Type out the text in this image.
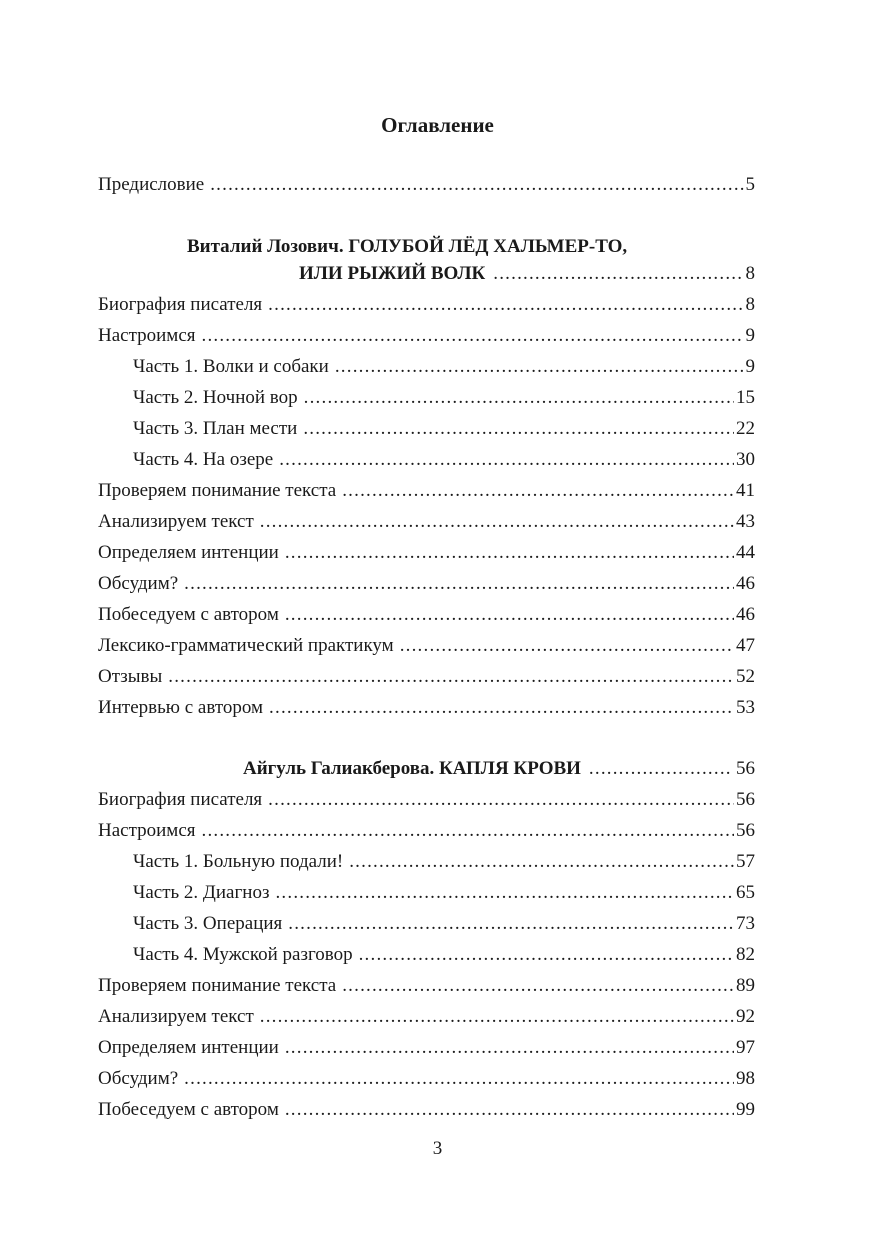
Оглавление
Предисловие .....	5
Виталий Лозович. ГОЛУБОЙ ЛЁД ХАЛЬМЕР-ТО,
ИЛИ РЫЖИЙ ВОЛК .....	8
Биография писателя .....	8
Настроимся .....	9
Часть 1. Волки и собаки .....	9
Часть 2. Ночной вор .....	15
Часть 3. План мести .....	22
Часть 4. На озере .....	30
Проверяем понимание текста .....	41
Анализируем текст .....	43
Определяем интенции .....	44
Обсудим? .....	46
Побеседуем с автором .....	46
Лексико-грамматический практикум .....	47
Отзывы .....	52
Интервью с автором .....	53
Айгуль Галиакберова. КАПЛЯ КРОВИ .....	56
Биография писателя .....	56
Настроимся .....	56
Часть 1. Больную подали! .....	57
Часть 2. Диагноз .....	65
Часть 3. Операция .....	73
Часть 4. Мужской разговор .....	82
Проверяем понимание текста .....	89
Анализируем текст .....	92
Определяем интенции .....	97
Обсудим? .....	98
Побеседуем с автором .....	99
3
